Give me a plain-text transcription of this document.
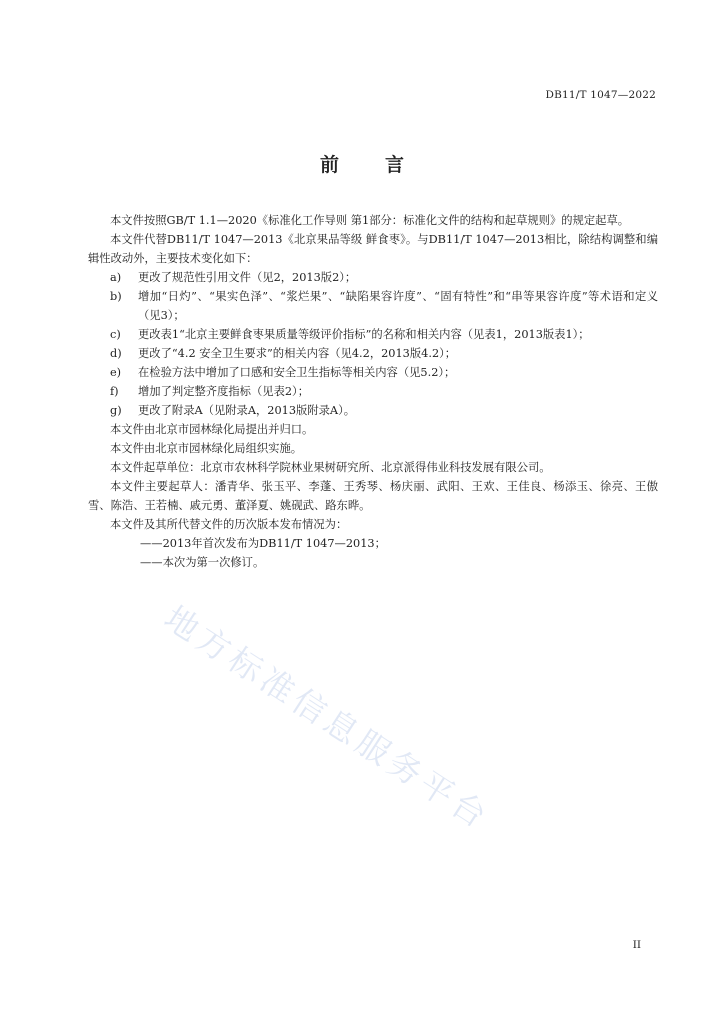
DB11/T 1047—2022
前言

本文件按照GB/T 1.1—2020《标准化工作导则 第1部分：标准化文件的结构和起草规则》的规定起草。

本文件代替DB11/T 1047—2013《北京果品等级 鲜食枣》。与DB11/T 1047—2013相比，除结构调整和编辑性改动外，主要技术变化如下：

a) 更改了规范性引用文件（见2，2013版2）；
b) 增加“日灼”、“果实色泽”、“浆烂果”、“缺陷果容许度”、“固有特性”和“串等果容许度”等术语和定义（见3）；
c) 更改表1“北京主要鲜食枣果质量等级评价指标”的名称和相关内容（见表1，2013版表1）；
d) 更改了“4.2 安全卫生要求”的相关内容（见4.2，2013版4.2）；
e) 在检验方法中增加了口感和安全卫生指标等相关内容（见5.2）；
f) 增加了判定整齐度指标（见表2）；
g) 更改了附录A（见附录A，2013版附录A）。

本文件由北京市园林绿化局提出并归口。

本文件由北京市园林绿化局组织实施。

本文件起草单位：北京市农林科学院林业果树研究所、北京派得伟业科技发展有限公司。

本文件主要起草人：潘青华、张玉平、李蓬、王秀琴、杨庆丽、武阳、王欢、王佳良、杨添玉、徐亮、王傲雪、陈浩、王若楠、戚元勇、董泽夏、姚砚武、路东晔。

本文件及其所代替文件的历次版本发布情况为：

——2013年首次发布为DB11/T 1047—2013；
——本次为第一次修订。
地方标准信息服务平台
II
